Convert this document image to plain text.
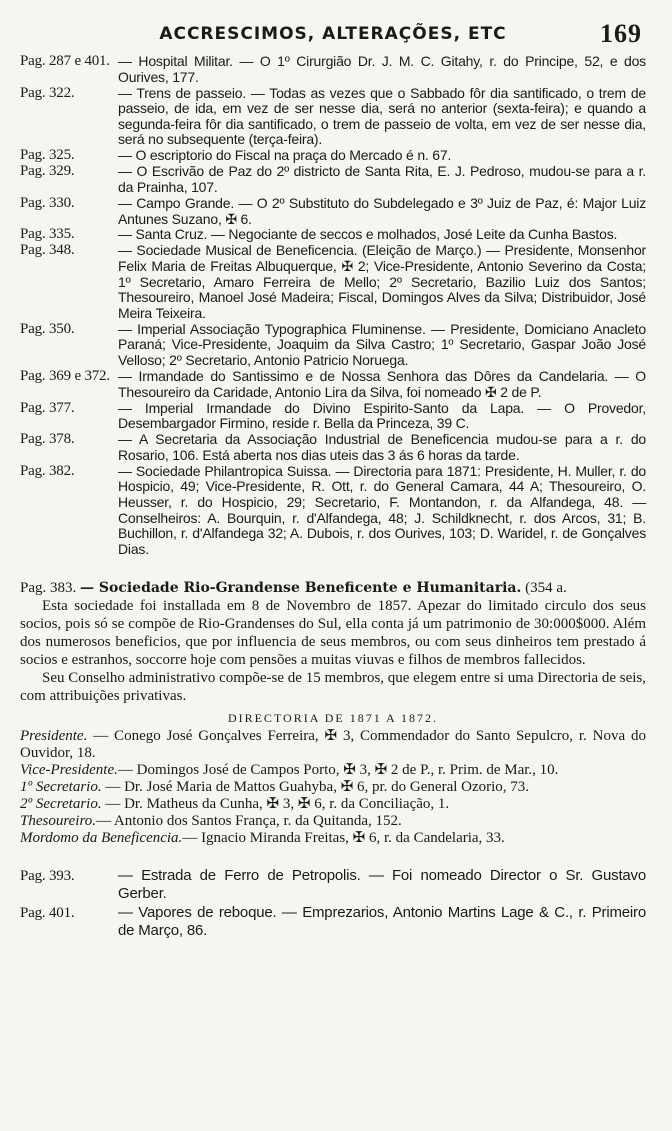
ACCRESCIMOS, ALTERAÇÕES, ETC	169
Pag. 287 e 401. — Hospital Militar. — O 1º Cirurgião Dr. J. M. C. Gitahy, r. do Principe, 52, e dos Ourives, 177.
Pag. 322.	— Trens de passeio. — Todas as vezes que o Sabbado fôr dia santificado, o trem de passeio, de ida, em vez de ser nesse dia, será no anterior (sexta-feira); e quando a segunda-feira fôr dia santificado, o trem de passeio de volta, em vez de ser nesse dia, será no subsequente (terça-feira).
Pag. 325.	— O escriptorio do Fiscal na praça do Mercado é n. 67.
Pag. 329.	— O Escrivão de Paz do 2º districto de Santa Rita, E. J. Pedroso, mudou-se para a r. da Prainha, 107.
Pag. 330.	— Campo Grande. — O 2º Substituto do Subdelegado e 3º Juiz de Paz, é: Major Luiz Antunes Suzano, ✠ 6.
Pag. 335.	— Santa Cruz. — Negociante de seccos e molhados, José Leite da Cunha Bastos.
Pag. 348.	— Sociedade Musical de Beneficencia. (Eleição de Março.) — Presidente, Monsenhor Felix Maria de Freitas Albuquerque, ✠ 2; Vice-Presidente, Antonio Severino da Costa; 1º Secretario, Amaro Ferreira de Mello; 2º Secretario, Bazilio Luiz dos Santos; Thesoureiro, Manoel José Madeira; Fiscal, Domingos Alves da Silva; Distribuidor, José Meira Teixeira.
Pag. 350.	— Imperial Associação Typographica Fluminense. — Presidente, Domiciano Anacleto Paraná; Vice-Presidente, Joaquim da Silva Castro; 1º Secretario, Gaspar João José Velloso; 2º Secretario, Antonio Patricio Noruega.
Pag. 369 e 372. — Irmandade do Santissimo e de Nossa Senhora das Dôres da Candelaria. — O Thesoureiro da Caridade, Antonio Lira da Silva, foi nomeado ✠ 2 de P.
Pag. 377.	— Imperial Irmandade do Divino Espirito-Santo da Lapa. — O Provedor, Desembargador Firmino, reside r. Bella da Princeza, 39 C.
Pag. 378.	— A Secretaria da Associação Industrial de Beneficencia mudou-se para a r. do Rosario, 106. Está aberta nos dias uteis das 3 ás 6 horas da tarde.
Pag. 382.	— Sociedade Philantropica Suissa. — Directoria para 1871: Presidente, H. Muller, r. do Hospicio, 49; Vice-Presidente, R. Ott, r. do General Camara, 44 A; Thesoureiro, O. Heusser, r. do Hospicio, 29; Secretario, F. Montandon, r. da Alfandega, 48. — Conselheiros: A. Bourquin, r. d'Alfandega, 48; J. Schildknecht, r. dos Arcos, 31; B. Buchillon, r. d'Alfandega 32; A. Dubois, r. dos Ourives, 103; D. Waridel, r. de Gonçalves Dias.
Pag. 383. — Sociedade Rio-Grandense Beneficente e Humanitaria. (354 a.

Esta sociedade foi installada em 8 de Novembro de 1857. Apezar do limitado circulo dos seus socios, pois só se compõe de Rio-Grandenses do Sul, ella conta já um patrimonio de 30:000$000. Além dos numerosos beneficios, que por influencia de seus membros, ou com seus dinheiros tem prestado á socios e estranhos, soccorre hoje com pensões a muitas viuvas e filhos de membros fallecidos.

Seu Conselho administrativo compõe-se de 15 membros, que elegem entre si uma Directoria de seis, com attribuições privativas.

DIRECTORIA DE 1871 A 1872.
Presidente. — Conego José Gonçalves Ferreira, ✠ 3, Commendador do Santo Sepulcro, r. Nova do Ouvidor, 18.
Vice-Presidente.— Domingos José de Campos Porto, ✠ 3, ✠ 2 de P., r. Prim. de Mar., 10.
1º Secretario. — Dr. José Maria de Mattos Guahyba, ✠ 6, pr. do General Ozorio, 73.
2º Secretario. — Dr. Matheus da Cunha, ✠ 3, ✠ 6, r. da Conciliação, 1.
Thesoureiro.— Antonio dos Santos França, r. da Quitanda, 152.
Mordomo da Beneficencia.— Ignacio Miranda Freitas, ✠ 6, r. da Candelaria, 33.
Pag. 393.	— Estrada de Ferro de Petropolis. — Foi nomeado Director o Sr. Gustavo Gerber.
Pag. 401.	— Vapores de reboque. — Emprezarios, Antonio Martins Lage & C., r. Primeiro de Março, 86.
